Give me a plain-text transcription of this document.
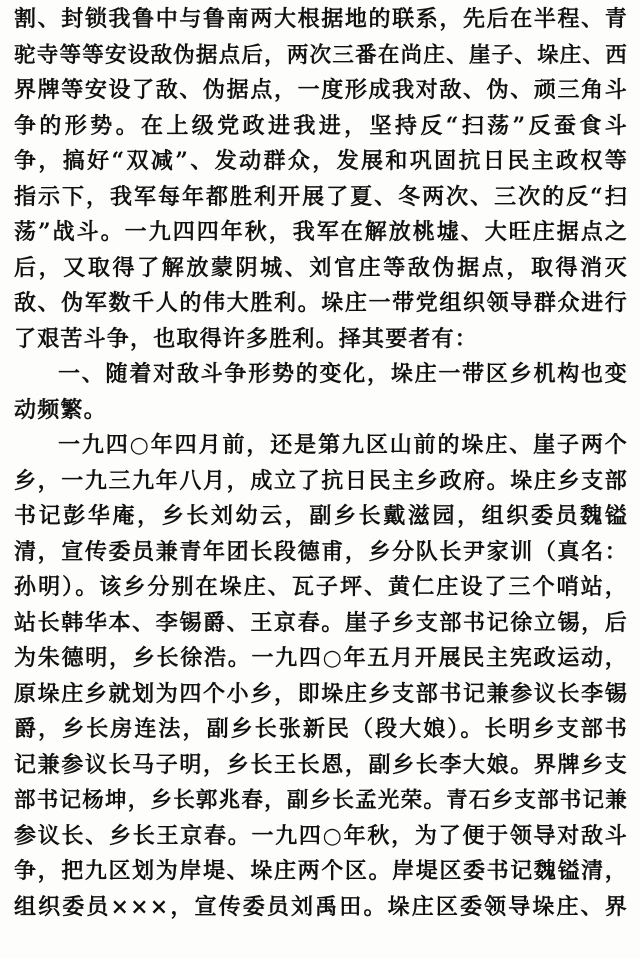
割、封锁我鲁中与鲁南两大根据地的联系，先后在半程、青
驼寺等等安设敌伪据点后，两次三番在尚庄、崖子、垛庄、西
界牌等安设了敌、伪据点，一度形成我对敌、伪、顽三角斗
争的形势。在上级党政进我进，坚持反“扫荡”反蚕食斗
争，搞好“双减”、发动群众，发展和巩固抗日民主政权等
指示下，我军每年都胜利开展了夏、冬两次、三次的反“扫
荡”战斗。一九四四年秋，我军在解放桃墟、大旺庄据点之
后，又取得了解放蒙阴城、刘官庄等敌伪据点，取得消灭
敌、伪军数千人的伟大胜利。垛庄一带党组织领导群众进行
了艰苦斗争，也取得许多胜利。择其要者有：
一、随着对敌斗争形势的变化，垛庄一带区乡机构也变
动频繁。
一九四○年四月前，还是第九区山前的垛庄、崖子两个
乡，一九三九年八月，成立了抗日民主乡政府。垛庄乡支部
书记彭华庵，乡长刘幼云，副乡长戴滋园，组织委员魏镒
清，宣传委员兼青年团长段德甫，乡分队长尹家训（真名：
孙明）。该乡分别在垛庄、瓦子坪、黄仁庄设了三个哨站，
站长韩华本、李锡爵、王京春。崖子乡支部书记徐立锡，后
为朱德明，乡长徐浩。一九四○年五月开展民主宪政运动，
原垛庄乡就划为四个小乡，即垛庄乡支部书记兼参议长李锡
爵，乡长房连法，副乡长张新民（段大娘）。长明乡支部书
记兼参议长马子明，乡长王长恩，副乡长李大娘。界牌乡支
部书记杨坤，乡长郭兆春，副乡长孟光荣。青石乡支部书记兼
参议长、乡长王京春。一九四○年秋，为了便于领导对敌斗
争，把九区划为岸堤、垛庄两个区。岸堤区委书记魏镒清，
组织委员×××，宣传委员刘禹田。垛庄区委领导垛庄、界
